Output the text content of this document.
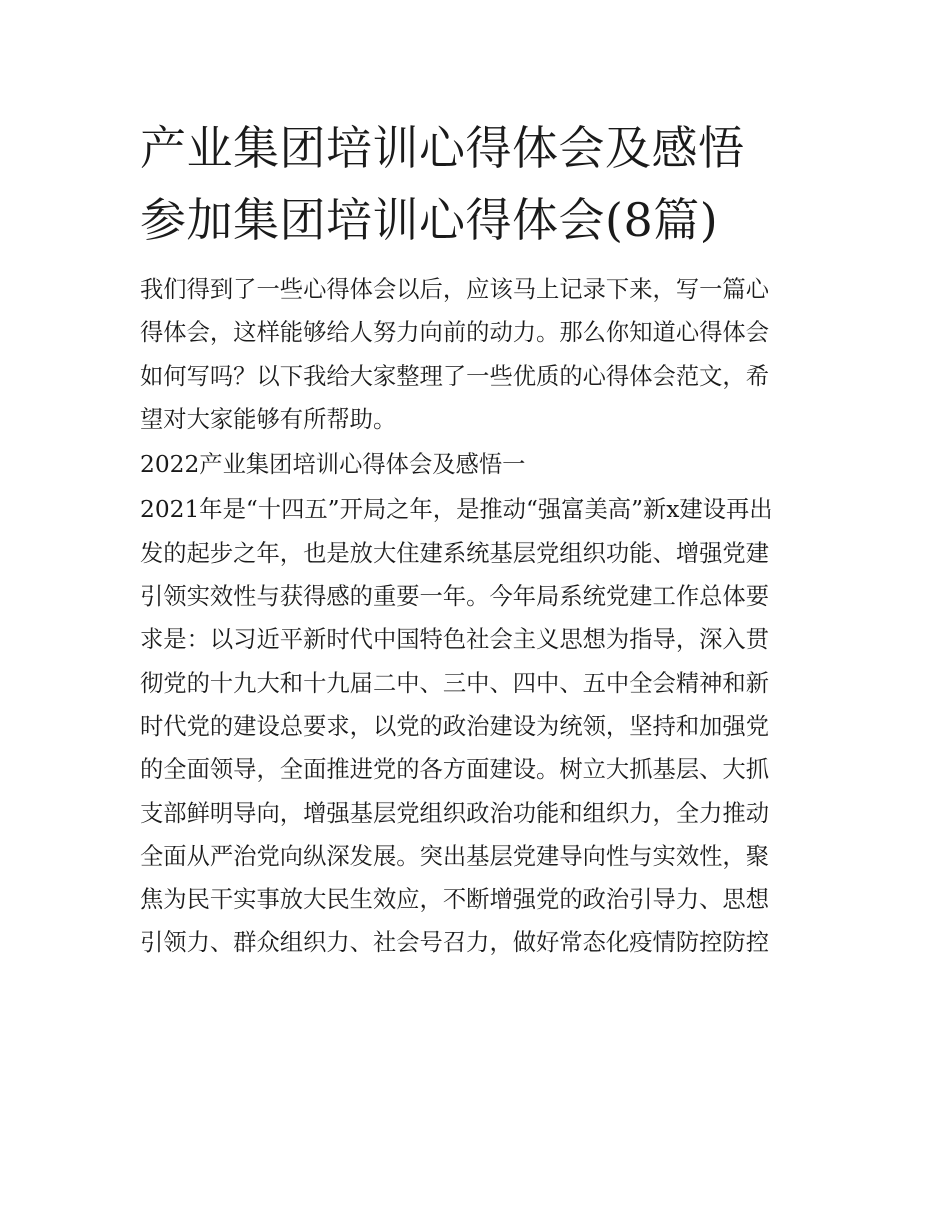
产业集团培训心得体会及感悟
参加集团培训心得体会(8篇)

我们得到了一些心得体会以后，应该马上记录下来，写一篇心
得体会，这样能够给人努力向前的动力。那么你知道心得体会
如何写吗？以下我给大家整理了一些优质的心得体会范文，希
望对大家能够有所帮助。

2022产业集团培训心得体会及感悟一

2021年是“十四五”开局之年，是推动“强富美高”新x建设再出
发的起步之年，也是放大住建系统基层党组织功能、增强党建
引领实效性与获得感的重要一年。今年局系统党建工作总体要
求是：以习近平新时代中国特色社会主义思想为指导，深入贯
彻党的十九大和十九届二中、三中、四中、五中全会精神和新
时代党的建设总要求，以党的政治建设为统领，坚持和加强党
的全面领导，全面推进党的各方面建设。树立大抓基层、大抓
支部鲜明导向，增强基层党组织政治功能和组织力，全力推动
全面从严治党向纵深发展。突出基层党建导向性与实效性，聚
焦为民干实事放大民生效应，不断增强党的政治引导力、思想
引领力、群众组织力、社会号召力，做好常态化疫情防控防控
